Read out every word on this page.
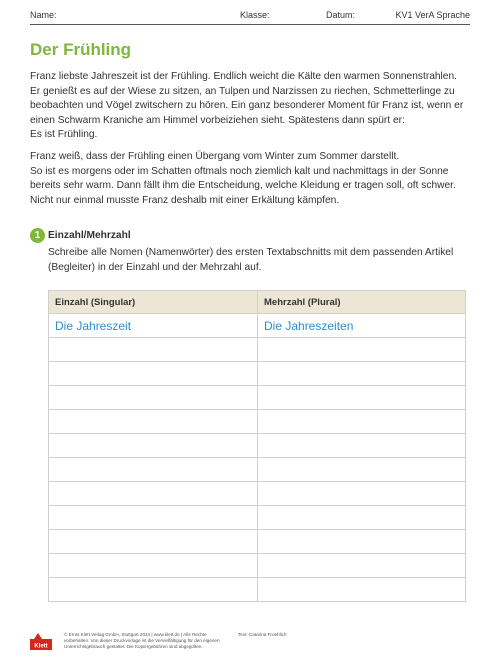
Name:	Klasse:	Datum:	KV1 VerA Sprache
Der Frühling
Franz liebste Jahreszeit ist der Frühling. Endlich weicht die Kälte den warmen Sonnenstrahlen.
Er genießt es auf der Wiese zu sitzen, an Tulpen und Narzissen zu riechen, Schmetterlinge zu
beobachten und Vögel zwitschern zu hören. Ein ganz besonderer Moment für Franz ist, wenn er
einen Schwarm Kraniche am Himmel vorbeiziehen sieht. Spätestens dann spürt er:
Es ist Frühling.
Franz weiß, dass der Frühling einen Übergang vom Winter zum Sommer darstellt.
So ist es morgens oder im Schatten oftmals noch ziemlich kalt und nachmittags in der Sonne
bereits sehr warm. Dann fällt ihm die Entscheidung, welche Kleidung er tragen soll, oft schwer.
Nicht nur einmal musste Franz deshalb mit einer Erkältung kämpfen.
1 Einzahl/Mehrzahl
Schreibe alle Nomen (Namenwörter) des ersten Textabschnitts mit dem passenden Artikel
(Begleiter) in der Einzahl und der Mehrzahl auf.
Einzahl (Singular)	Mehrzahl (Plural)
Die Jahreszeit	Die Jahreszeiten

Klett
© Ernst Klett Verlag GmbH, Stuttgart 2024 | www.klett.de | Alle Rechte
vorbehalten. Von dieser Druckvorlage ist die Vervielfältigung für den eigenen
Unterrichtsgebrauch gestattet. Die Kopiergebühren sind abgegolten.
Text: Catarina Froehlich
